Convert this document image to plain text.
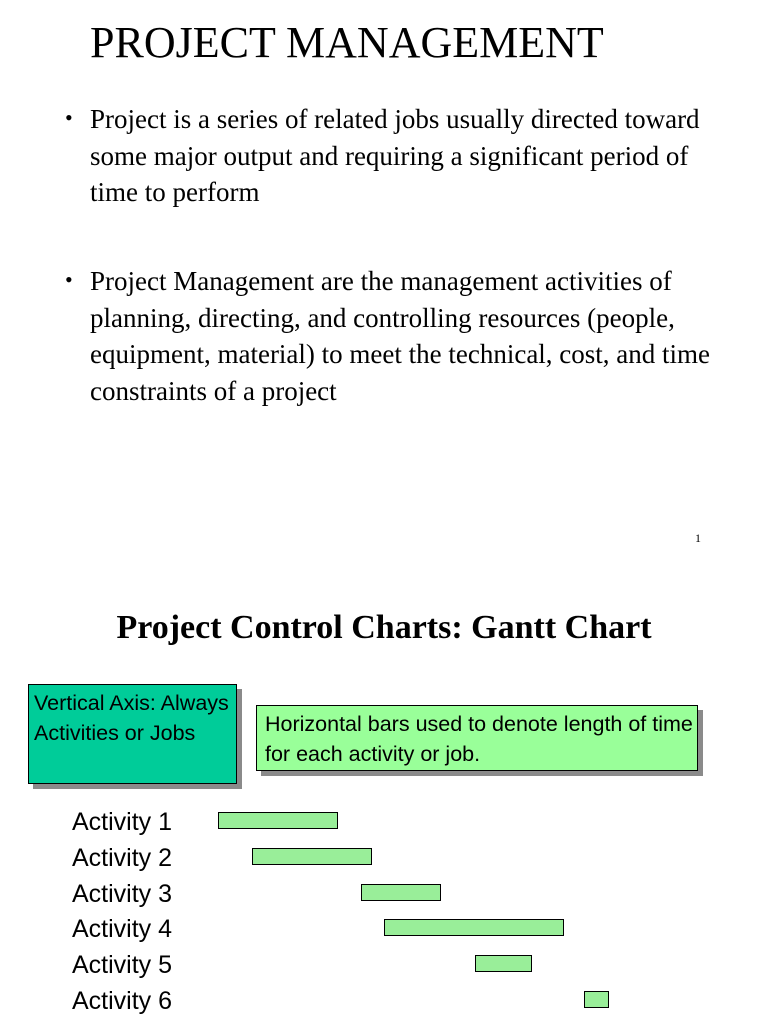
PROJECT MANAGEMENT
• Project is a series of related jobs usually directed toward some major output and requiring a significant period of time to perform
• Project Management are the management activities of planning, directing, and controlling resources (people, equipment, material) to meet the technical, cost, and time constraints of a project
1
Project Control Charts: Gantt Chart
Vertical Axis: Always Activities or Jobs	Horizontal bars used to denote length of time for each activity or job.
Activity 1
Activity 2
Activity 3
Activity 4
Activity 5
Activity 6
